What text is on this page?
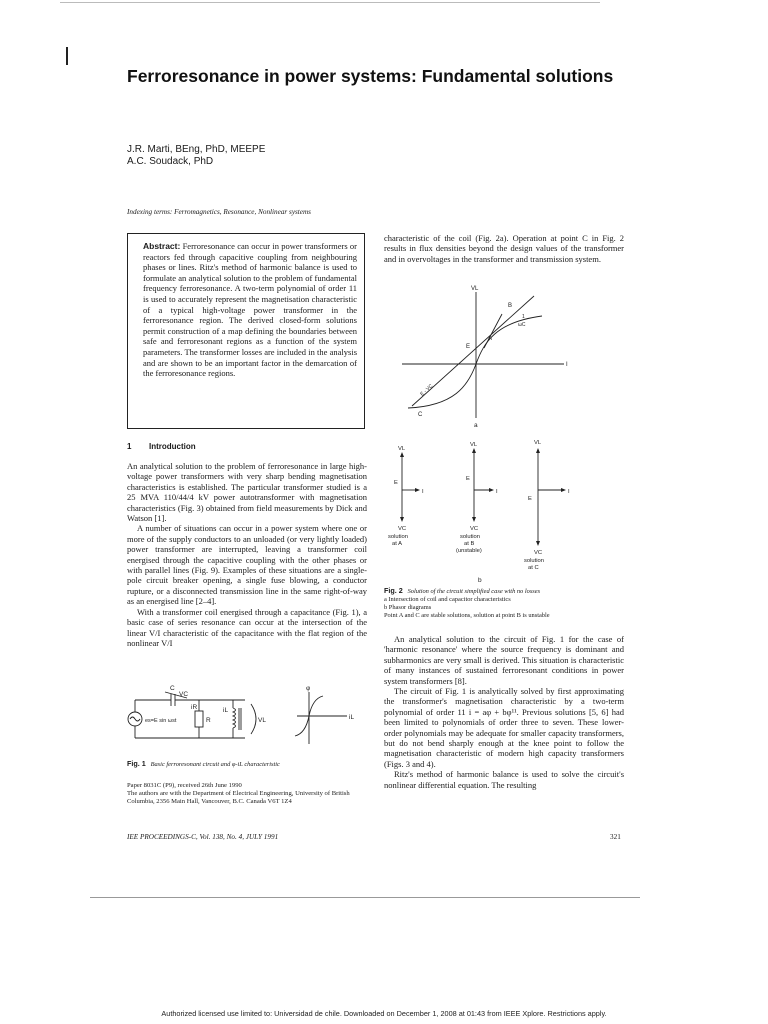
Ferroresonance in power systems: Fundamental solutions
J.R. Marti, BEng, PhD, MEEPE
A.C. Soudack, PhD
Indexing terms: Ferromagnetics, Resonance, Nonlinear systems
Abstract: Ferroresonance can occur in power transformers or reactors fed through capacitive coupling from neighbouring phases or lines. Ritz's method of harmonic balance is used to formulate an analytical solution to the problem of fundamental frequency ferroresonance. A two-term polynomial of order 11 is used to accurately represent the magnetisation characteristic of a typical high-voltage power transformer in the ferroresonance region. The derived closed-form solutions permit construction of a map defining the boundaries between safe and ferroresonant regions as a function of the system parameters. The transformer losses are included in the analysis and are shown to be an important factor in the demarcation of the ferroresonance regions.
1 Introduction

An analytical solution to the problem of ferroresonance in large high-voltage power transformers with very sharp bending magnetisation characteristics is established. The particular transformer studied is a 25 MVA 110/44/4 kV power autotransformer with magnetisation characteristics (Fig. 3) obtained from field measurements by Dick and Watson [1].

A number of situations can occur in a power system where one or more of the supply conductors to an unloaded (or very lightly loaded) power transformer are interrupted, leaving a transformer coil energised through the capacitive coupling with the other phases or with parallel lines (Fig. 9). Examples of these situations are a single-pole circuit breaker opening, a single fuse blowing, a conductor rupture, or a disconnected transmission line in the same right-of-way as an energised line [2–4].

With a transformer coil energised through a capacitance (Fig. 1), a basic case of series resonance can occur at the intersection of the linear V/I characteristic of the capacitance with the flat region of the nonlinear V/I

C
VC
iR
R
iL
VL
es=E sin ωst
φ
iL
Fig. 1 Basic ferroresonant circuit and φ-iL characteristic
Paper 8031C (P9), received 26th June 1990
The authors are with the Department of Electrical Engineering, University of British Columbia, 2356 Main Hall, Vancouver, B.C. Canada V6T 1Z4
IEE PROCEEDINGS-C, Vol. 138, No. 4, JULY 1991	321
characteristic of the coil (Fig. 2a). Operation at point C in Fig. 2 results in flux densities beyond the design values of the transformer and in overvoltages in the transformer and transmission system.
VL
I
B
A
E
C
1
ωC
E - VC
a
VL
E
I
VC
solution
at A
VL
E
I
VC
solution
at B
(unstable)
VL
E
I
VC
solution
at C
b
Fig. 2 Solution of the circuit simplified case with no losses
a Intersection of coil and capacitor characteristics
b Phasor diagrams
Point A and C are stable solutions, solution at point B is unstable

An analytical solution to the circuit of Fig. 1 for the case of 'harmonic resonance' where the source frequency is dominant and subharmonics are very small is derived. This situation is characteristic of many instances of sustained ferroresonant conditions in power system transformers [8].

The circuit of Fig. 1 is analytically solved by first approximating the transformer's magnetisation characteristic by a two-term polynomial of order 11 i = aφ + bφ¹¹. Previous solutions [5, 6] had been limited to polynomials of order three to seven. These lower-order polynomials may be adequate for smaller capacity transformers, but do not bend sharply enough at the knee point to follow the magnetisation characteristic of modern high capacity transformers (Figs. 3 and 4).

Ritz's method of harmonic balance is used to solve the circuit's nonlinear differential equation. The resulting

Authorized licensed use limited to: Universidad de chile. Downloaded on December 1, 2008 at 01:43 from IEEE Xplore. Restrictions apply.
